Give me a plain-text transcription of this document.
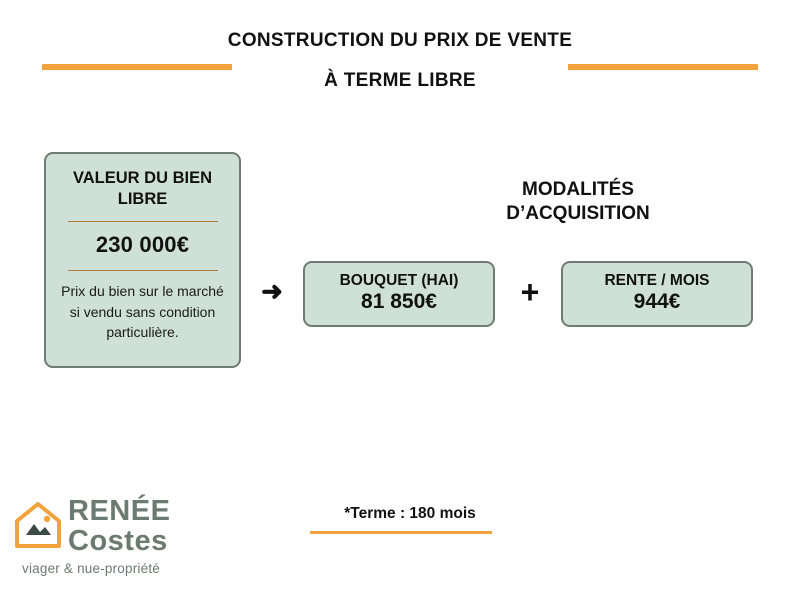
CONSTRUCTION DU PRIX DE VENTE
À TERME LIBRE
VALEUR DU BIEN LIBRE
230 000€
Prix du bien sur le marché si vendu sans condition particulière.
➜
MODALITÉS
D’ACQUISITION
BOUQUET (HAI)
81 850€	+	RENTE / MOIS
944€
*Terme : 180 mois
REN
RENÉE
Costes
viager & nue-propriété
